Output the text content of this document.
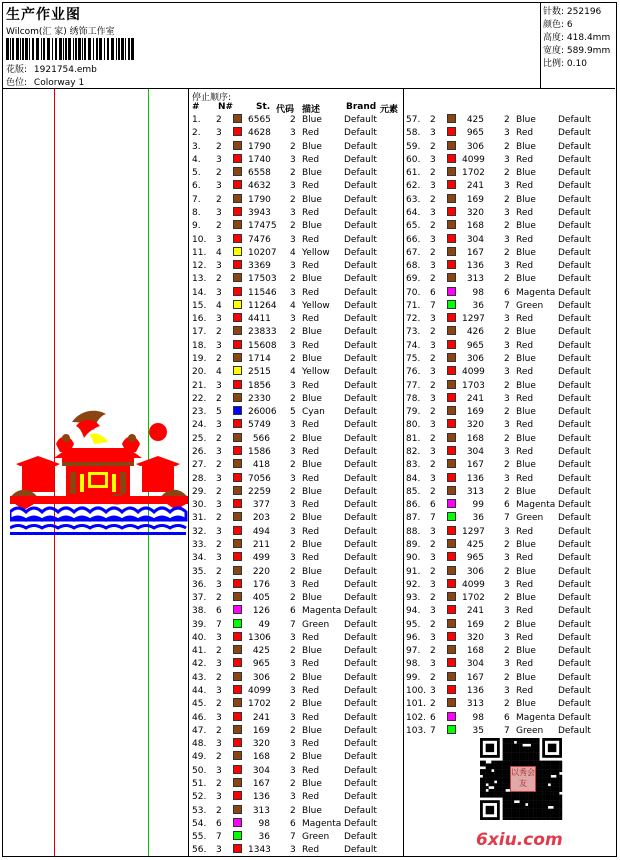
生产作业图
Wilcom(汇 家) 绣饰工作室
花版: 1921754.emb
色位: Colorway 1
针数: 252196
颜色: 6
高度: 418.4mm
宽度: 589.9mm
比例: 0.10
停止顺序:
# N#	St. 代码 描述	Brand 元素
1. 2	6565 2 Blue Default
2. 3	4628 3 Red	Default
3. 2	1790 2 Blue Default
4. 3	1740 3 Red	Default
5. 2	6558 2 Blue Default
6. 3	4632 3 Red	Default
7. 2	1790 2 Blue Default
8. 3	3943 3 Red	Default
9. 2	17475 2 Blue Default
10. 3	7476 3 Red	Default
11. 4	10207 4 Yellow Default
12. 3	3369 3 Red	Default
13. 2	17503 2 Blue Default
14. 3	11546 3 Red	Default
15. 4	11264 4 Yellow Default
16. 3	4411 3 Red	Default
17. 2	23833 2 Blue Default
18. 3	15608 3 Red	Default
19. 2	1714 2 Blue Default
20. 4	2515 4 Yellow Default
21. 3	1856 3 Red	Default
22. 2	2330 2 Blue Default
23. 5	26006 5 Cyan Default
24. 3	5749 3 Red	Default
25. 2	566 2 Blue Default
26. 3	1586 3 Red	Default
27. 2	418 2 Blue Default
28. 3	7056 3 Red	Default
29. 2	2259 2 Blue Default
30. 3	377 3 Red	Default
31. 2	203 2 Blue Default
32. 3	494 3 Red	Default
33. 2	211 2 Blue Default
34. 3	499 3 Red	Default
35. 2	220 2 Blue Default
36. 3	176 3 Red	Default
37. 2	405 2 Blue Default
38. 6	126 6 Magenta Default
39. 7	49 7 Green Default
40. 3	1306 3 Red	Default
41. 2	425 2 Blue Default
42. 3	965 3 Red	Default
43. 2	306 2 Blue Default
44. 3	4099 3 Red	Default
45. 2	1702 2 Blue Default
46. 3	241 3 Red	Default
47. 2	169 2 Blue Default
48. 3	320 3 Red	Default
49. 2	168 2 Blue Default
50. 3	304 3 Red	Default
51. 2	167 2 Blue Default
52. 3	136 3 Red	Default
53. 2	313 2 Blue Default
54. 6	98 6 Magenta Default
55. 7	36 7 Green Default
56. 3	1343 3 Red	Default
57. 2	425 2 Blue Default
58. 3	965 3 Red	Default
59. 2	306 2 Blue Default
60. 3	4099 3 Red	Default
61. 2	1702 2 Blue Default
62. 3	241 3 Red	Default
63. 2	169 2 Blue Default
64. 3	320 3 Red	Default
65. 2	168 2 Blue Default
66. 3	304 3 Red	Default
67. 2	167 2 Blue Default
68. 3	136 3 Red	Default
69. 2	313 2 Blue Default
70. 6	98 6 Magenta Default
71. 7	36 7 Green Default
72. 3	1297 3 Red	Default
73. 2	426 2 Blue Default
74. 3	965 3 Red	Default
75. 2	306 2 Blue Default
76. 3	4099 3 Red	Default
77. 2	1703 2 Blue Default
78. 3	241 3 Red	Default
79. 2	169 2 Blue Default
80. 3	320 3 Red	Default
81. 2	168 2 Blue Default
82. 3	304 3 Red	Default
83. 2	167 2 Blue Default
84. 3	136 3 Red	Default
85. 2	313 2 Blue Default
86. 6	99 6 Magenta Default
87. 7	36 7 Green Default
88. 3	1297 3 Red	Default
89. 2	425 2 Blue Default
90. 3	965 3 Red	Default
91. 2	306 2 Blue Default
92. 3	4099 3 Red	Default
93. 2	1702 2 Blue Default
94. 3	241 3 Red	Default
95. 2	169 2 Blue Default
96. 3	320 3 Red	Default
97. 2	168 2 Blue Default
98. 3	304 3 Red	Default
99. 2	167 2 Blue Default
100. 3	136 3 Red	Default
101. 2	313 2 Blue Default
102. 6	98 6 Magenta Default
103. 7	35 7 Green Default
以秀会友
6xiu.com
